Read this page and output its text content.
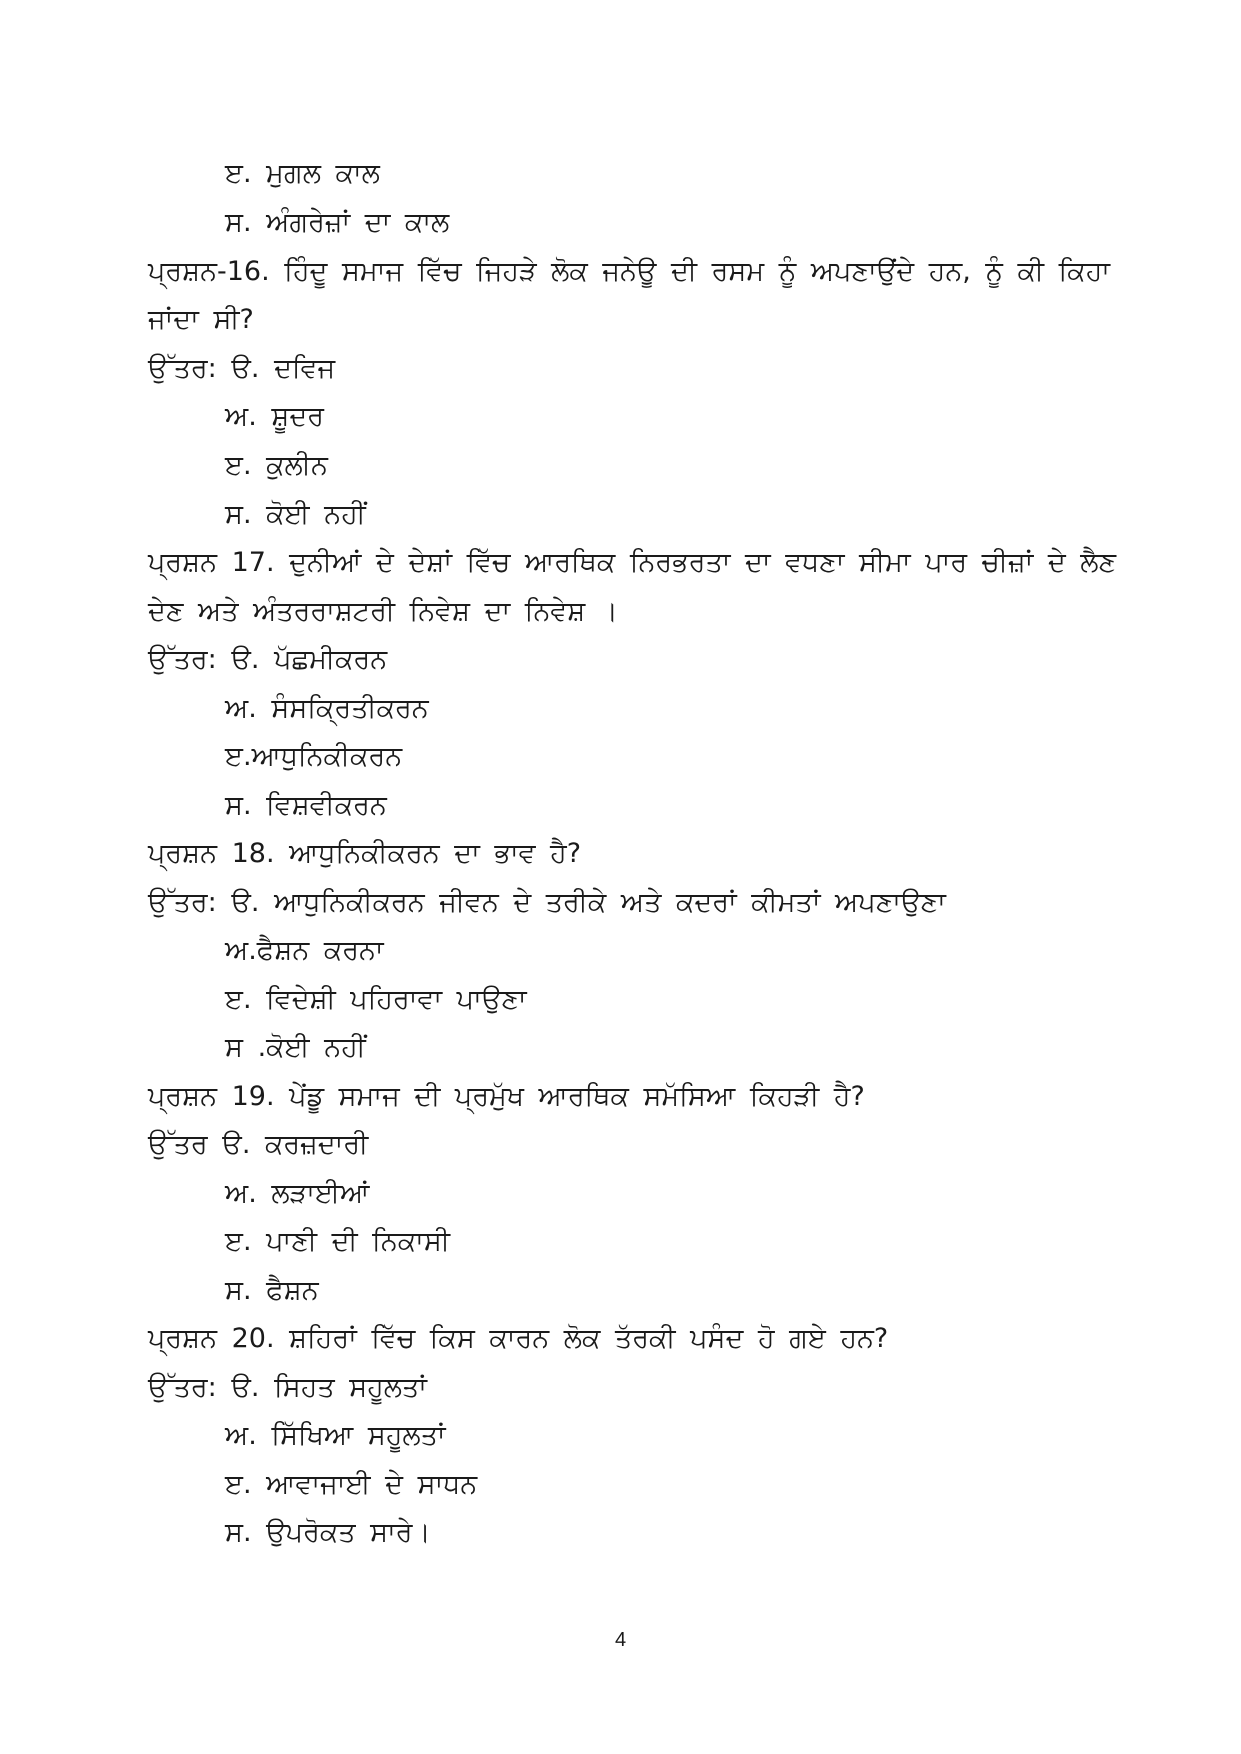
ੲ. ਮੁਗਲ ਕਾਲ
ਸ. ਅੰਗਰੇਜ਼ਾਂ ਦਾ ਕਾਲ
ਪ੍ਰਸ਼ਨ-16. ਹਿੰਦੂ ਸਮਾਜ ਵਿੱਚ ਜਿਹੜੇ ਲੋਕ ਜਨੇਊ ਦੀ ਰਸਮ ਨੂੰ ਅਪਣਾਉਂਦੇ ਹਨ, ਨੂੰ ਕੀ ਕਿਹਾ
ਜਾਂਦਾ ਸੀ?
ਉੱਤਰ: ੳ. ਦਵਿਜ
ਅ. ਸ਼ੂਦਰ
ੲ. ਕੁਲੀਨ
ਸ. ਕੋਈ ਨਹੀਂ
ਪ੍ਰਸ਼ਨ 17. ਦੁਨੀਆਂ ਦੇ ਦੇਸ਼ਾਂ ਵਿੱਚ ਆਰਥਿਕ ਨਿਰਭਰਤਾ ਦਾ ਵਧਣਾ ਸੀਮਾ ਪਾਰ ਚੀਜ਼ਾਂ ਦੇ ਲੈਣ
ਦੇਣ ਅਤੇ ਅੰਤਰਰਾਸ਼ਟਰੀ ਨਿਵੇਸ਼ ਦਾ ਨਿਵੇਸ਼ ।
ਉੱਤਰ: ੳ. ਪੱਛਮੀਕਰਨ
ਅ. ਸੰਸਕ੍ਰਿਤੀਕਰਨ
ੲ.ਆਧੁਨਿਕੀਕਰਨ
ਸ. ਵਿਸ਼ਵੀਕਰਨ
ਪ੍ਰਸ਼ਨ 18. ਆਧੁਨਿਕੀਕਰਨ ਦਾ ਭਾਵ ਹੈ?
ਉੱਤਰ: ੳ. ਆਧੁਨਿਕੀਕਰਨ ਜੀਵਨ ਦੇ ਤਰੀਕੇ ਅਤੇ ਕਦਰਾਂ ਕੀਮਤਾਂ ਅਪਣਾਉਣਾ
ਅ.ਫੈਸ਼ਨ ਕਰਨਾ
ੲ. ਵਿਦੇਸ਼ੀ ਪਹਿਰਾਵਾ ਪਾਉਣਾ
ਸ .ਕੋਈ ਨਹੀਂ
ਪ੍ਰਸ਼ਨ 19. ਪੇਂਡੂ ਸਮਾਜ ਦੀ ਪ੍ਰਮੁੱਖ ਆਰਥਿਕ ਸਮੱਸਿਆ ਕਿਹੜੀ ਹੈ?
ਉੱਤਰ ੳ. ਕਰਜ਼ਦਾਰੀ
ਅ. ਲੜਾਈਆਂ
ੲ. ਪਾਣੀ ਦੀ ਨਿਕਾਸੀ
ਸ. ਫੈਸ਼ਨ
ਪ੍ਰਸ਼ਨ 20. ਸ਼ਹਿਰਾਂ ਵਿੱਚ ਕਿਸ ਕਾਰਨ ਲੋਕ ਤੱਰਕੀ ਪਸੰਦ ਹੋ ਗਏ ਹਨ?
ਉੱਤਰ: ੳ. ਸਿਹਤ ਸਹੂਲਤਾਂ
ਅ. ਸਿੱਖਿਆ ਸਹੂਲਤਾਂ
ੲ. ਆਵਾਜਾਈ ਦੇ ਸਾਧਨ
ਸ. ਉਪਰੋਕਤ ਸਾਰੇ।
4
